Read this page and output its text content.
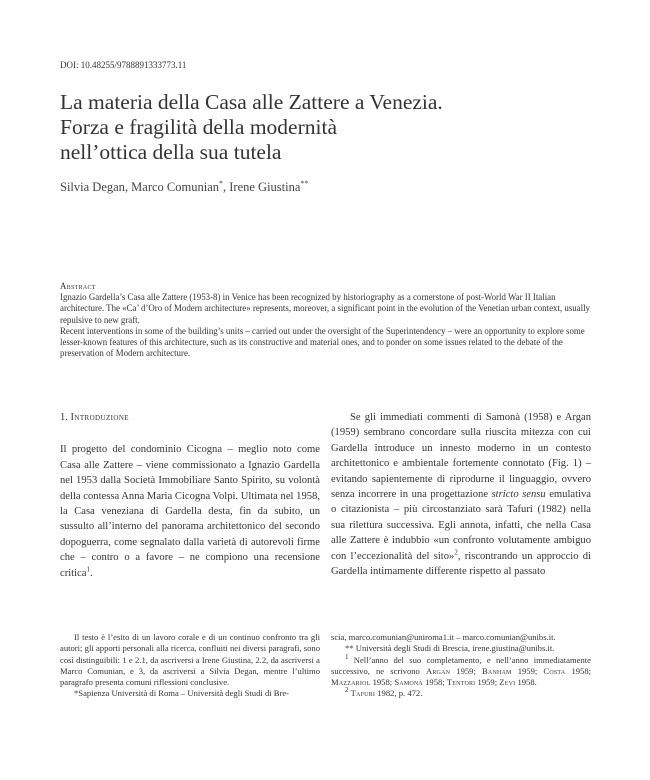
DOI: 10.48255/9788891333773.11
La materia della Casa alle Zattere a Venezia.
Forza e fragilità della modernità
nell’ottica della sua tutela
Silvia Degan, Marco Comunian*, Irene Giustina**
Abstract

Ignazio Gardella’s Casa alle Zattere (1953-8) in Venice has been recognized by historiography as a cornerstone of post-World War II Italian architecture. The «Ca’ d’Oro of Modern architecture» represents, moreover, a significant point in the evolution of the Venetian urban context, usually repulsive to new graft.

Recent interventions in some of the building’s units – carried out under the oversight of the Superintendency – were an opportunity to explore some lesser-known features of this architecture, such as its constructive and material ones, and to ponder on some issues related to the debate of the preservation of Modern architecture.

1. Introduzione

Il progetto del condominio Cicogna – meglio noto come Casa alle Zattere – viene commissionato a Ignazio Gardella nel 1953 dalla Società Immobiliare Santo Spirito, su volontà della contessa Anna Maria Cicogna Volpi. Ultimata nel 1958, la Casa veneziana di Gardella desta, fin da subito, un sussulto all’interno del panorama architettonico del secondo dopoguerra, come segnalato dalla varietà di autorevoli firme che – contro o a favore – ne compiono una recensione critica$^1$.

Se gli immediati commenti di Samonà (1958) e Argan (1959) sembrano concordare sulla riuscita mitezza con cui Gardella introduce un innesto moderno in un contesto architettonico e ambientale fortemente connotato (Fig. 1) – evitando sapientemente di riprodurne il linguaggio, ovvero senza incorrere in una progettazione stricto sensu emulativa o citazionista – più circostanziato sarà Tafuri (1982) nella sua rilettura successiva. Egli annota, infatti, che nella Casa alle Zattere è indubbio «un confronto volutamente ambiguo con l’eccezionalità del sito»$^2$, riscontrando un approccio di Gardella intimamente differente rispetto al passato

Il testo è l’esito di un lavoro corale e di un continuo confronto tra gli autori; gli apporti personali alla ricerca, confluiti nei diversi paragrafi, sono così distinguibili: 1 e 2.1, da ascriversi a Irene Giustina, 2.2, da ascriversi a Marco Comunian, e 3, da ascriversi a Silvia Degan, mentre l’ultimo paragrafo presenta comuni riflessioni conclusive.

*Sapienza Università di Roma – Università degli Studi di Bre-

scia, marco.comunian@uniroma1.it – marco.comunian@unibs.it.

** Università degli Studi di Brescia, irene.giustina@unibs.it.

$^1$ Nell’anno del suo completamento, e nell’anno immediatamente successivo, ne scrivono Argan 1959; Banham 1959; Costa 1958; Mazzariol 1958; Samonà 1958; Tentori 1959; Zevi 1958.

$^2$ Tafuri 1982, p. 472.
